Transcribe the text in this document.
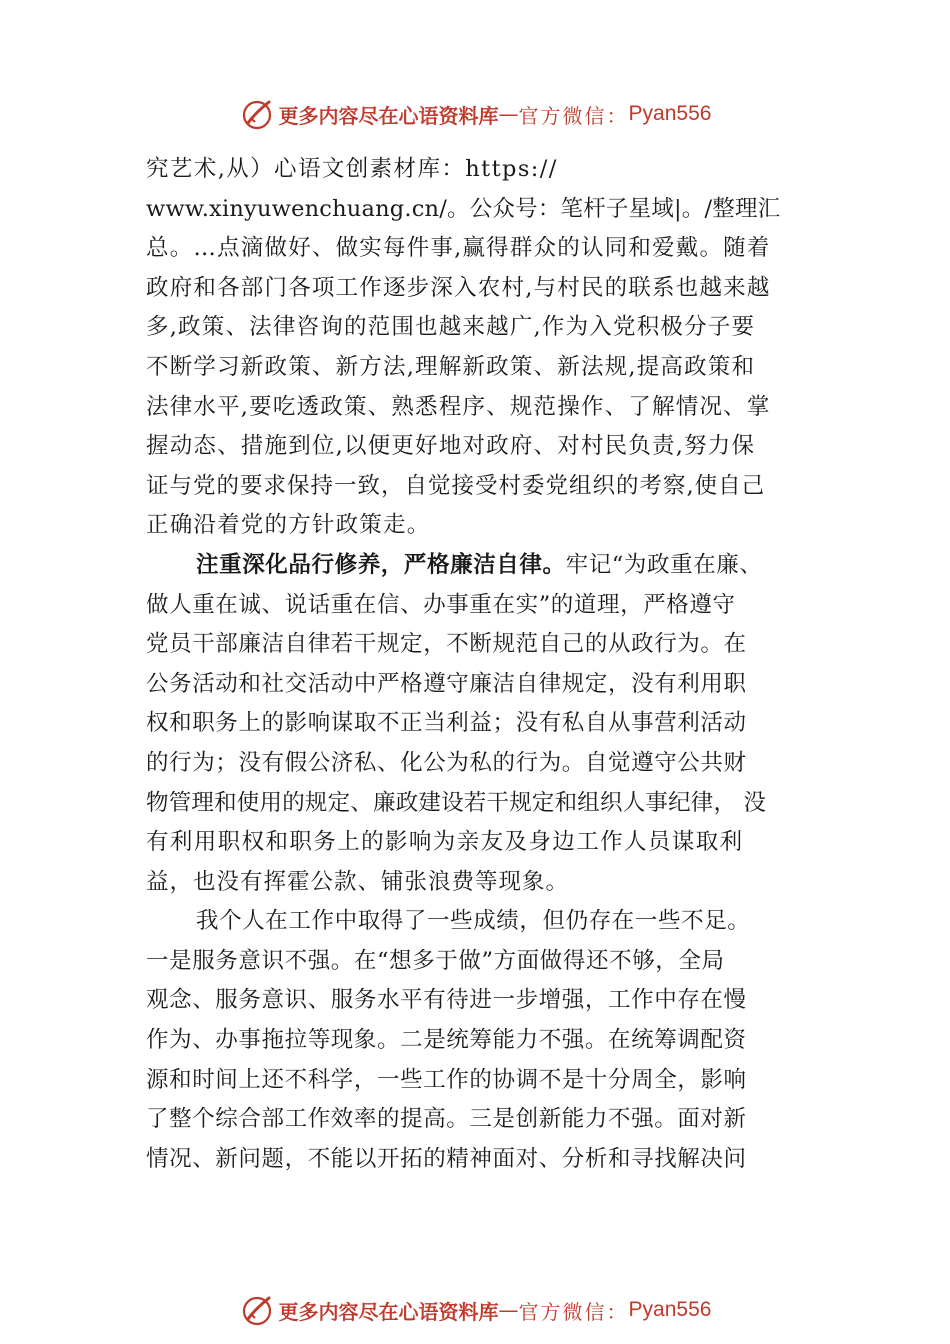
更多内容尽在心语资料库 — 官方微信： Pyan556
究艺术,从）心语文创素材库：https://
www.xinyuwenchuang.cn/。公众号：笔杆子星域|。/整理汇
总。…点滴做好、做实每件事,赢得群众的认同和爱戴。随着
政府和各部门各项工作逐步深入农村,与村民的联系也越来越
多,政策、法律咨询的范围也越来越广,作为入党积极分子要
不断学习新政策、新方法,理解新政策、新法规,提高政策和
法律水平,要吃透政策、熟悉程序、规范操作、了解情况、掌
握动态、措施到位,以便更好地对政府、对村民负责,努力保
证与党的要求保持一致，自觉接受村委党组织的考察,使自己
正确沿着党的方针政策走。
注重深化品行修养，严格廉洁自律。牢记“为政重在廉、
做人重在诚、说话重在信、办事重在实”的道理，严格遵守
党员干部廉洁自律若干规定，不断规范自己的从政行为。在
公务活动和社交活动中严格遵守廉洁自律规定，没有利用职
权和职务上的影响谋取不正当利益；没有私自从事营利活动
的行为；没有假公济私、化公为私的行为。自觉遵守公共财
物管理和使用的规定、廉政建设若干规定和组织人事纪律， 没
有利用职权和职务上的影响为亲友及身边工作人员谋取利
益，也没有挥霍公款、铺张浪费等现象。
我个人在工作中取得了一些成绩，但仍存在一些不足。
一是服务意识不强。在“想多于做”方面做得还不够，全局
观念、服务意识、服务水平有待进一步增强，工作中存在慢
作为、办事拖拉等现象。二是统筹能力不强。在统筹调配资
源和时间上还不科学，一些工作的协调不是十分周全，影响
了整个综合部工作效率的提高。三是创新能力不强。面对新
情况、新问题，不能以开拓的精神面对、分析和寻找解决问
更多内容尽在心语资料库 — 官方微信： Pyan556
